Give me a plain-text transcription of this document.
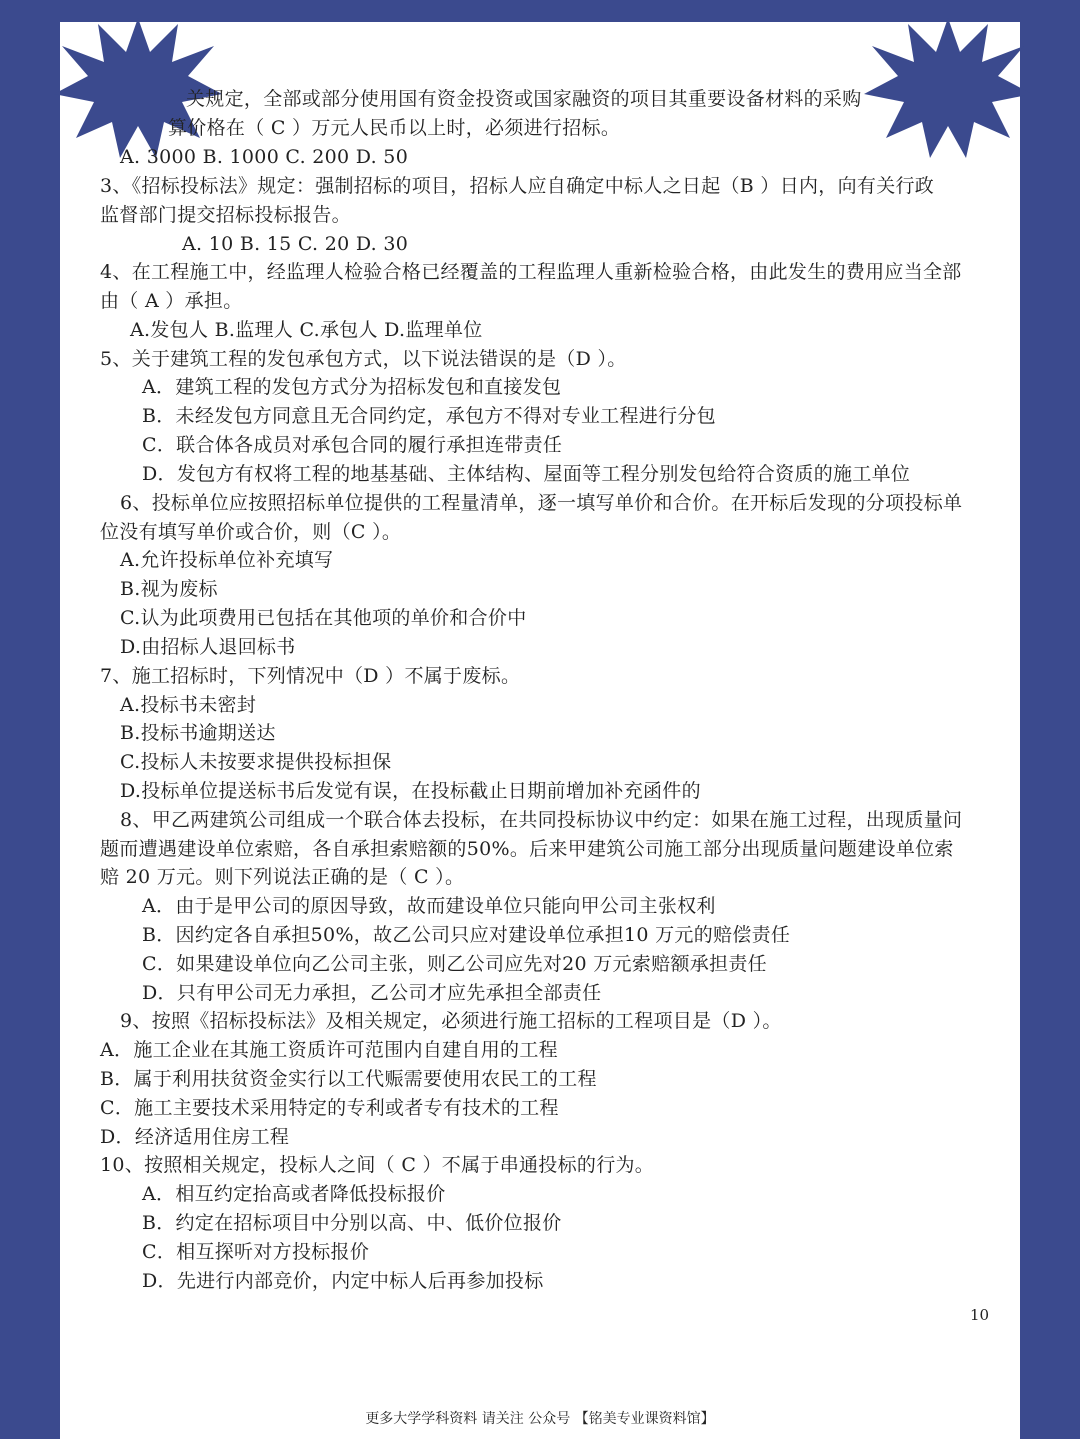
关规定，全部或部分使用国有资金投资或国家融资的项目其重要设备材料的采购
算价格在（ C ）万元人民币以上时，必须进行招标。
A. 3000 B. 1000 C. 200 D. 50
3、《招标投标法》规定：强制招标的项目，招标人应自确定中标人之日起（B ）日内，向有关行政
监督部门提交招标投标报告。
A. 10 B. 15 C. 20 D. 30
4、在工程施工中，经监理人检验合格已经覆盖的工程监理人重新检验合格，由此发生的费用应当全部
由（ A ）承担。
A.发包人 B.监理人 C.承包人 D.监理单位
5、关于建筑工程的发包承包方式，以下说法错误的是（D ）。
A．建筑工程的发包方式分为招标发包和直接发包
B．未经发包方同意且无合同约定，承包方不得对专业工程进行分包
C．联合体各成员对承包合同的履行承担连带责任
D．发包方有权将工程的地基基础、主体结构、屋面等工程分别发包给符合资质的施工单位
6、投标单位应按照招标单位提供的工程量清单，逐一填写单价和合价。在开标后发现的分项投标单
位没有填写单价或合价，则（C ）。
A.允许投标单位补充填写
B.视为废标
C.认为此项费用已包括在其他项的单价和合价中
D.由招标人退回标书
7、施工招标时，下列情况中（D ）不属于废标。
A.投标书未密封
B.投标书逾期送达
C.投标人未按要求提供投标担保
D.投标单位提送标书后发觉有误，在投标截止日期前增加补充函件的
8、甲乙两建筑公司组成一个联合体去投标，在共同投标协议中约定：如果在施工过程，出现质量问
题而遭遇建设单位索赔，各自承担索赔额的50%。后来甲建筑公司施工部分出现质量问题建设单位索
赔 20 万元。则下列说法正确的是（ C ）。
A．由于是甲公司的原因导致，故而建设单位只能向甲公司主张权利
B．因约定各自承担50%，故乙公司只应对建设单位承担10 万元的赔偿责任
C．如果建设单位向乙公司主张，则乙公司应先对20 万元索赔额承担责任
D．只有甲公司无力承担，乙公司才应先承担全部责任
9、按照《招标投标法》及相关规定，必须进行施工招标的工程项目是（D ）。
A．施工企业在其施工资质许可范围内自建自用的工程
B．属于利用扶贫资金实行以工代赈需要使用农民工的工程
C．施工主要技术采用特定的专利或者专有技术的工程
D．经济适用住房工程
10、按照相关规定，投标人之间（ C ）不属于串通投标的行为。
A．相互约定抬高或者降低投标报价
B．约定在招标项目中分别以高、中、低价位报价
C．相互探听对方投标报价
D．先进行内部竞价，内定中标人后再参加投标
10
更多大学学科资料 请关注 公众号 【铭美专业课资料馆】
